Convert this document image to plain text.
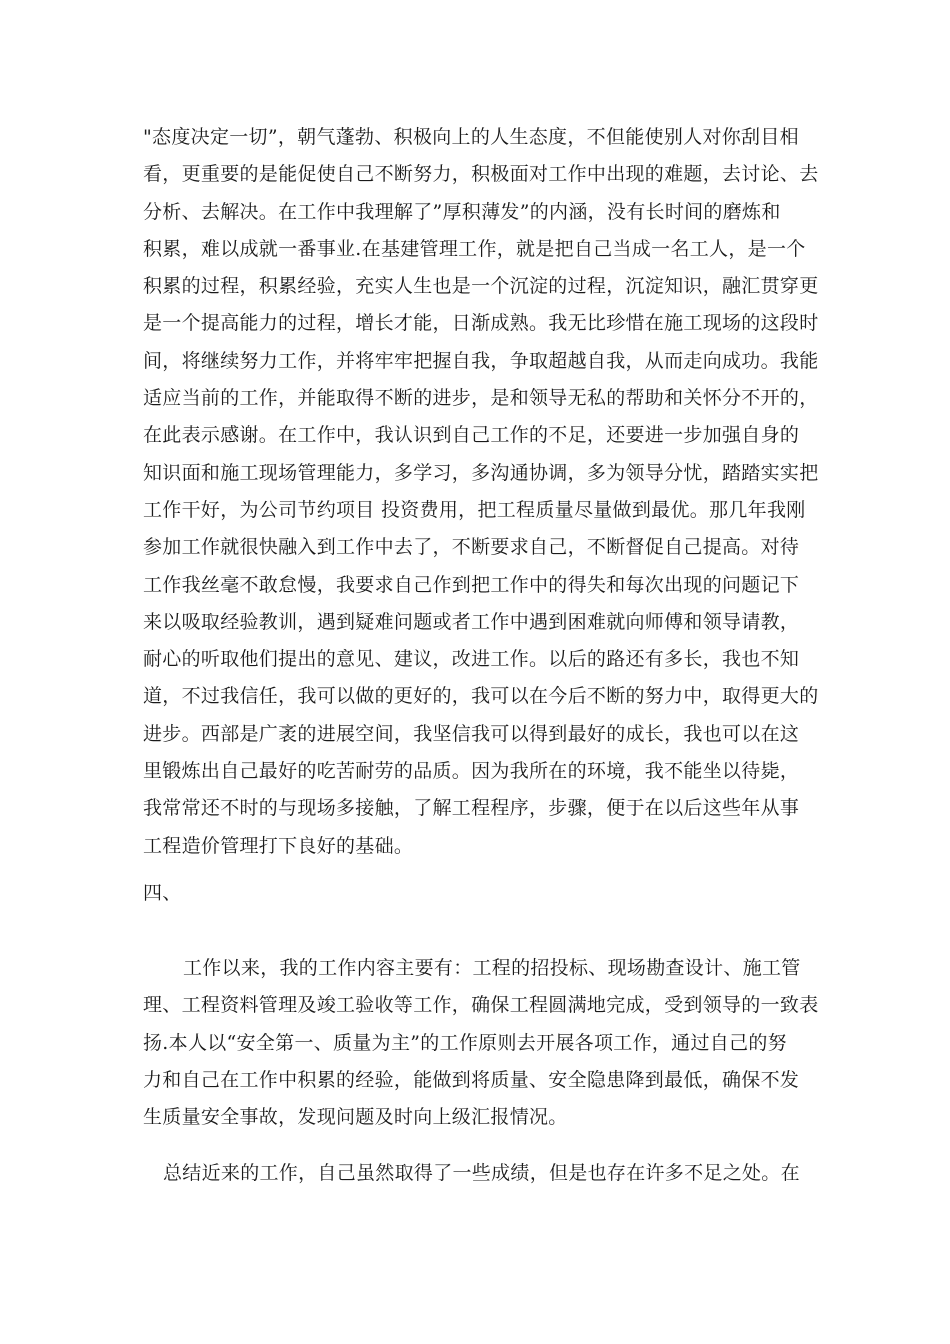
"态度决定一切”，朝气蓬勃、积极向上的人生态度，不但能使别人对你刮目相
看，更重要的是能促使自己不断努力，积极面对工作中出现的难题，去讨论、去
分析、去解决。在工作中我理解了”厚积薄发”的内涵，没有长时间的磨炼和
积累，难以成就一番事业.在基建管理工作，就是把自己当成一名工人，是一个
积累的过程，积累经验，充实人生也是一个沉淀的过程，沉淀知识，融汇贯穿更
是一个提高能力的过程，增长才能，日渐成熟。我无比珍惜在施工现场的这段时
间，将继续努力工作，并将牢牢把握自我，争取超越自我，从而走向成功。我能
适应当前的工作，并能取得不断的进步，是和领导无私的帮助和关怀分不开的，
在此表示感谢。在工作中，我认识到自己工作的不足，还要进一步加强自身的
知识面和施工现场管理能力，多学习，多沟通协调，多为领导分忧，踏踏实实把
工作干好，为公司节约项目 投资费用，把工程质量尽量做到最优。那几年我刚
参加工作就很快融入到工作中去了，不断要求自己，不断督促自己提高。对待
工作我丝毫不敢怠慢，我要求自己作到把工作中的得失和每次出现的问题记下
来以吸取经验教训，遇到疑难问题或者工作中遇到困难就向师傅和领导请教，
耐心的听取他们提出的意见、建议，改进工作。以后的路还有多长，我也不知
道，不过我信任，我可以做的更好的，我可以在今后不断的努力中，取得更大的
进步。西部是广袤的进展空间，我坚信我可以得到最好的成长，我也可以在这
里锻炼出自己最好的吃苦耐劳的品质。因为我所在的环境，我不能坐以待毙，
我常常还不时的与现场多接触，了解工程程序，步骤，便于在以后这些年从事
工程造价管理打下良好的基础。
四、
工作以来，我的工作内容主要有：工程的招投标、现场勘查设计、施工管
理、工程资料管理及竣工验收等工作，确保工程圆满地完成，受到领导的一致表
扬.本人以“安全第一、质量为主”的工作原则去开展各项工作，通过自己的努
力和自己在工作中积累的经验，能做到将质量、安全隐患降到最低，确保不发
生质量安全事故，发现问题及时向上级汇报情况。
总结近来的工作，自己虽然取得了一些成绩，但是也存在许多不足之处。在
